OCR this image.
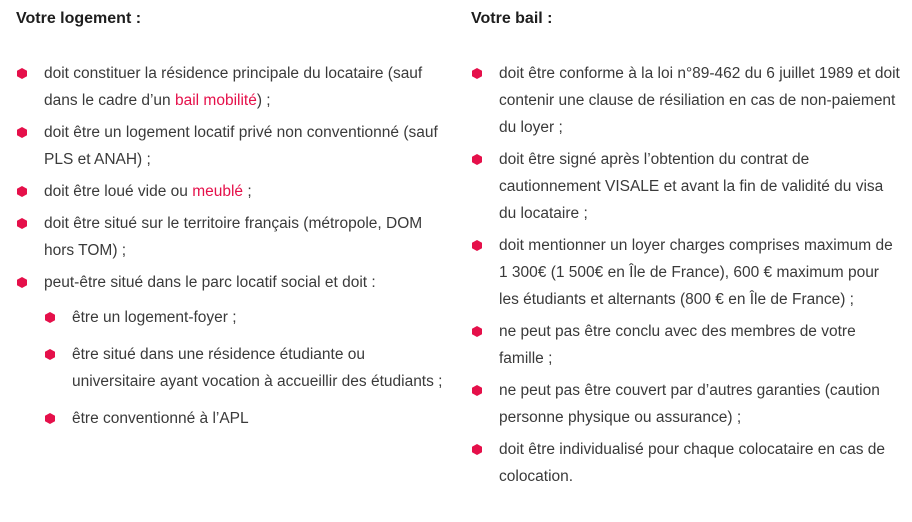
Votre logement :
doit constituer la résidence principale du locataire (sauf dans le cadre d’un bail mobilité) ;
doit être un logement locatif privé non conventionné (sauf PLS et ANAH) ;
doit être loué vide ou meublé ;
doit être situé sur le territoire français (métropole, DOM hors TOM) ;
peut-être situé dans le parc locatif social et doit :
être un logement-foyer ;
être situé dans une résidence étudiante ou universitaire ayant vocation à accueillir des étudiants ;
être conventionné à l’APL
Votre bail :
doit être conforme à la loi n°89-462 du 6 juillet 1989 et doit contenir une clause de résiliation en cas de non-paiement du loyer ;
doit être signé après l’obtention du contrat de cautionnement VISALE et avant la fin de validité du visa du locataire ;
doit mentionner un loyer charges comprises maximum de 1 300€ (1 500€ en Île de France), 600 € maximum pour les étudiants et alternants (800 € en Île de France) ;
ne peut pas être conclu avec des membres de votre famille ;
ne peut pas être couvert par d’autres garanties (caution personne physique ou assurance) ;
doit être individualisé pour chaque colocataire en cas de colocation.
